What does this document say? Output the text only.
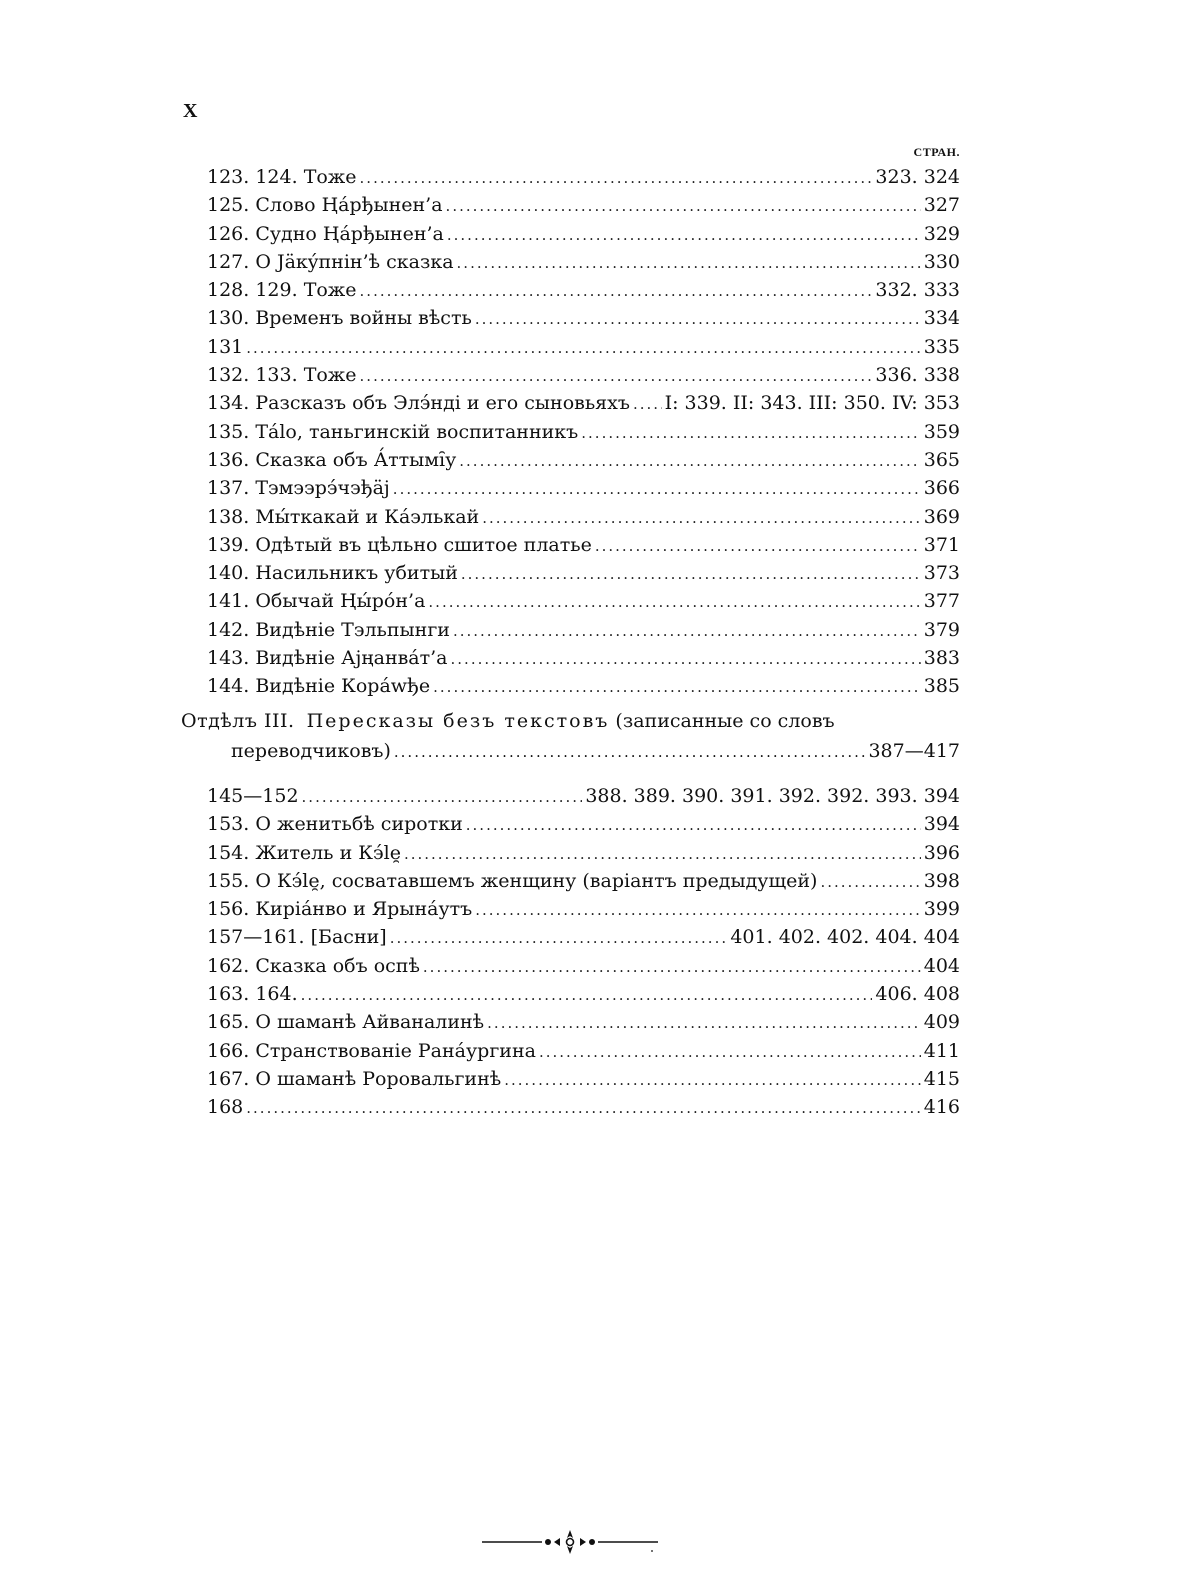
X
СТРАН.
123. 124. Тоже .....	323. 324
125. Слово Ңáрђынен’а .....	327
126. Судно Ңáрђынен’а .....	329
127. О Jäкýпнін’ѣ сказка .....	330
128. 129. Тоже .....	332. 333
130. Временъ войны вѣсть .....	334
131 .....	335
132. 133. Тоже .....	336. 338
134. Разсказъ объ Элэ́нді и его сыновьяхъ ..... I: 339. II: 343. III: 350. IV: 353
135. Тálo, таньгинскій воспитанникъ .....	359
136. Сказка объ А́ттымі̑у .....	365
137. Тэмээрэ́чэђäј .....	366
138. Мы́ткакай и Кáэлькай .....	369
139. Одѣтый въ цѣльно сшитое платье .....	371
140. Насильникъ убитый .....	373
141. Обычай Ңы́рóн’а .....	377
142. Видѣніе Тэльпынги .....	379
143. Видѣніе Ајңанвáт’а .....	383
144. Видѣніе Корáwђе .....	385
Отдѣлъ III. Пересказы безъ текстовъ (записанные со словъ
переводчиковъ) .....	387—417
145—152 .....	388. 389. 390. 391. 392. 392. 393. 394
153. О женитьбѣ сиротки .....	394
154. Житель и Кэ́lе̯ .....	396
155. О Кэ́lе̯, сосватавшемъ женщину (варіантъ предыдущей) .....	398
156. Киріáнво и Ярынáутъ .....	399
157—161. [Басни] .....	401. 402. 402. 404. 404
162. Сказка объ оспѣ .....	404
163. 164. .....	406. 408
165. О шаманѣ Айваналинѣ .....	409
166. Странствованіе Ранáургина .....	411
167. О шаманѣ Роровальгинѣ .....	415
168 .....	416
